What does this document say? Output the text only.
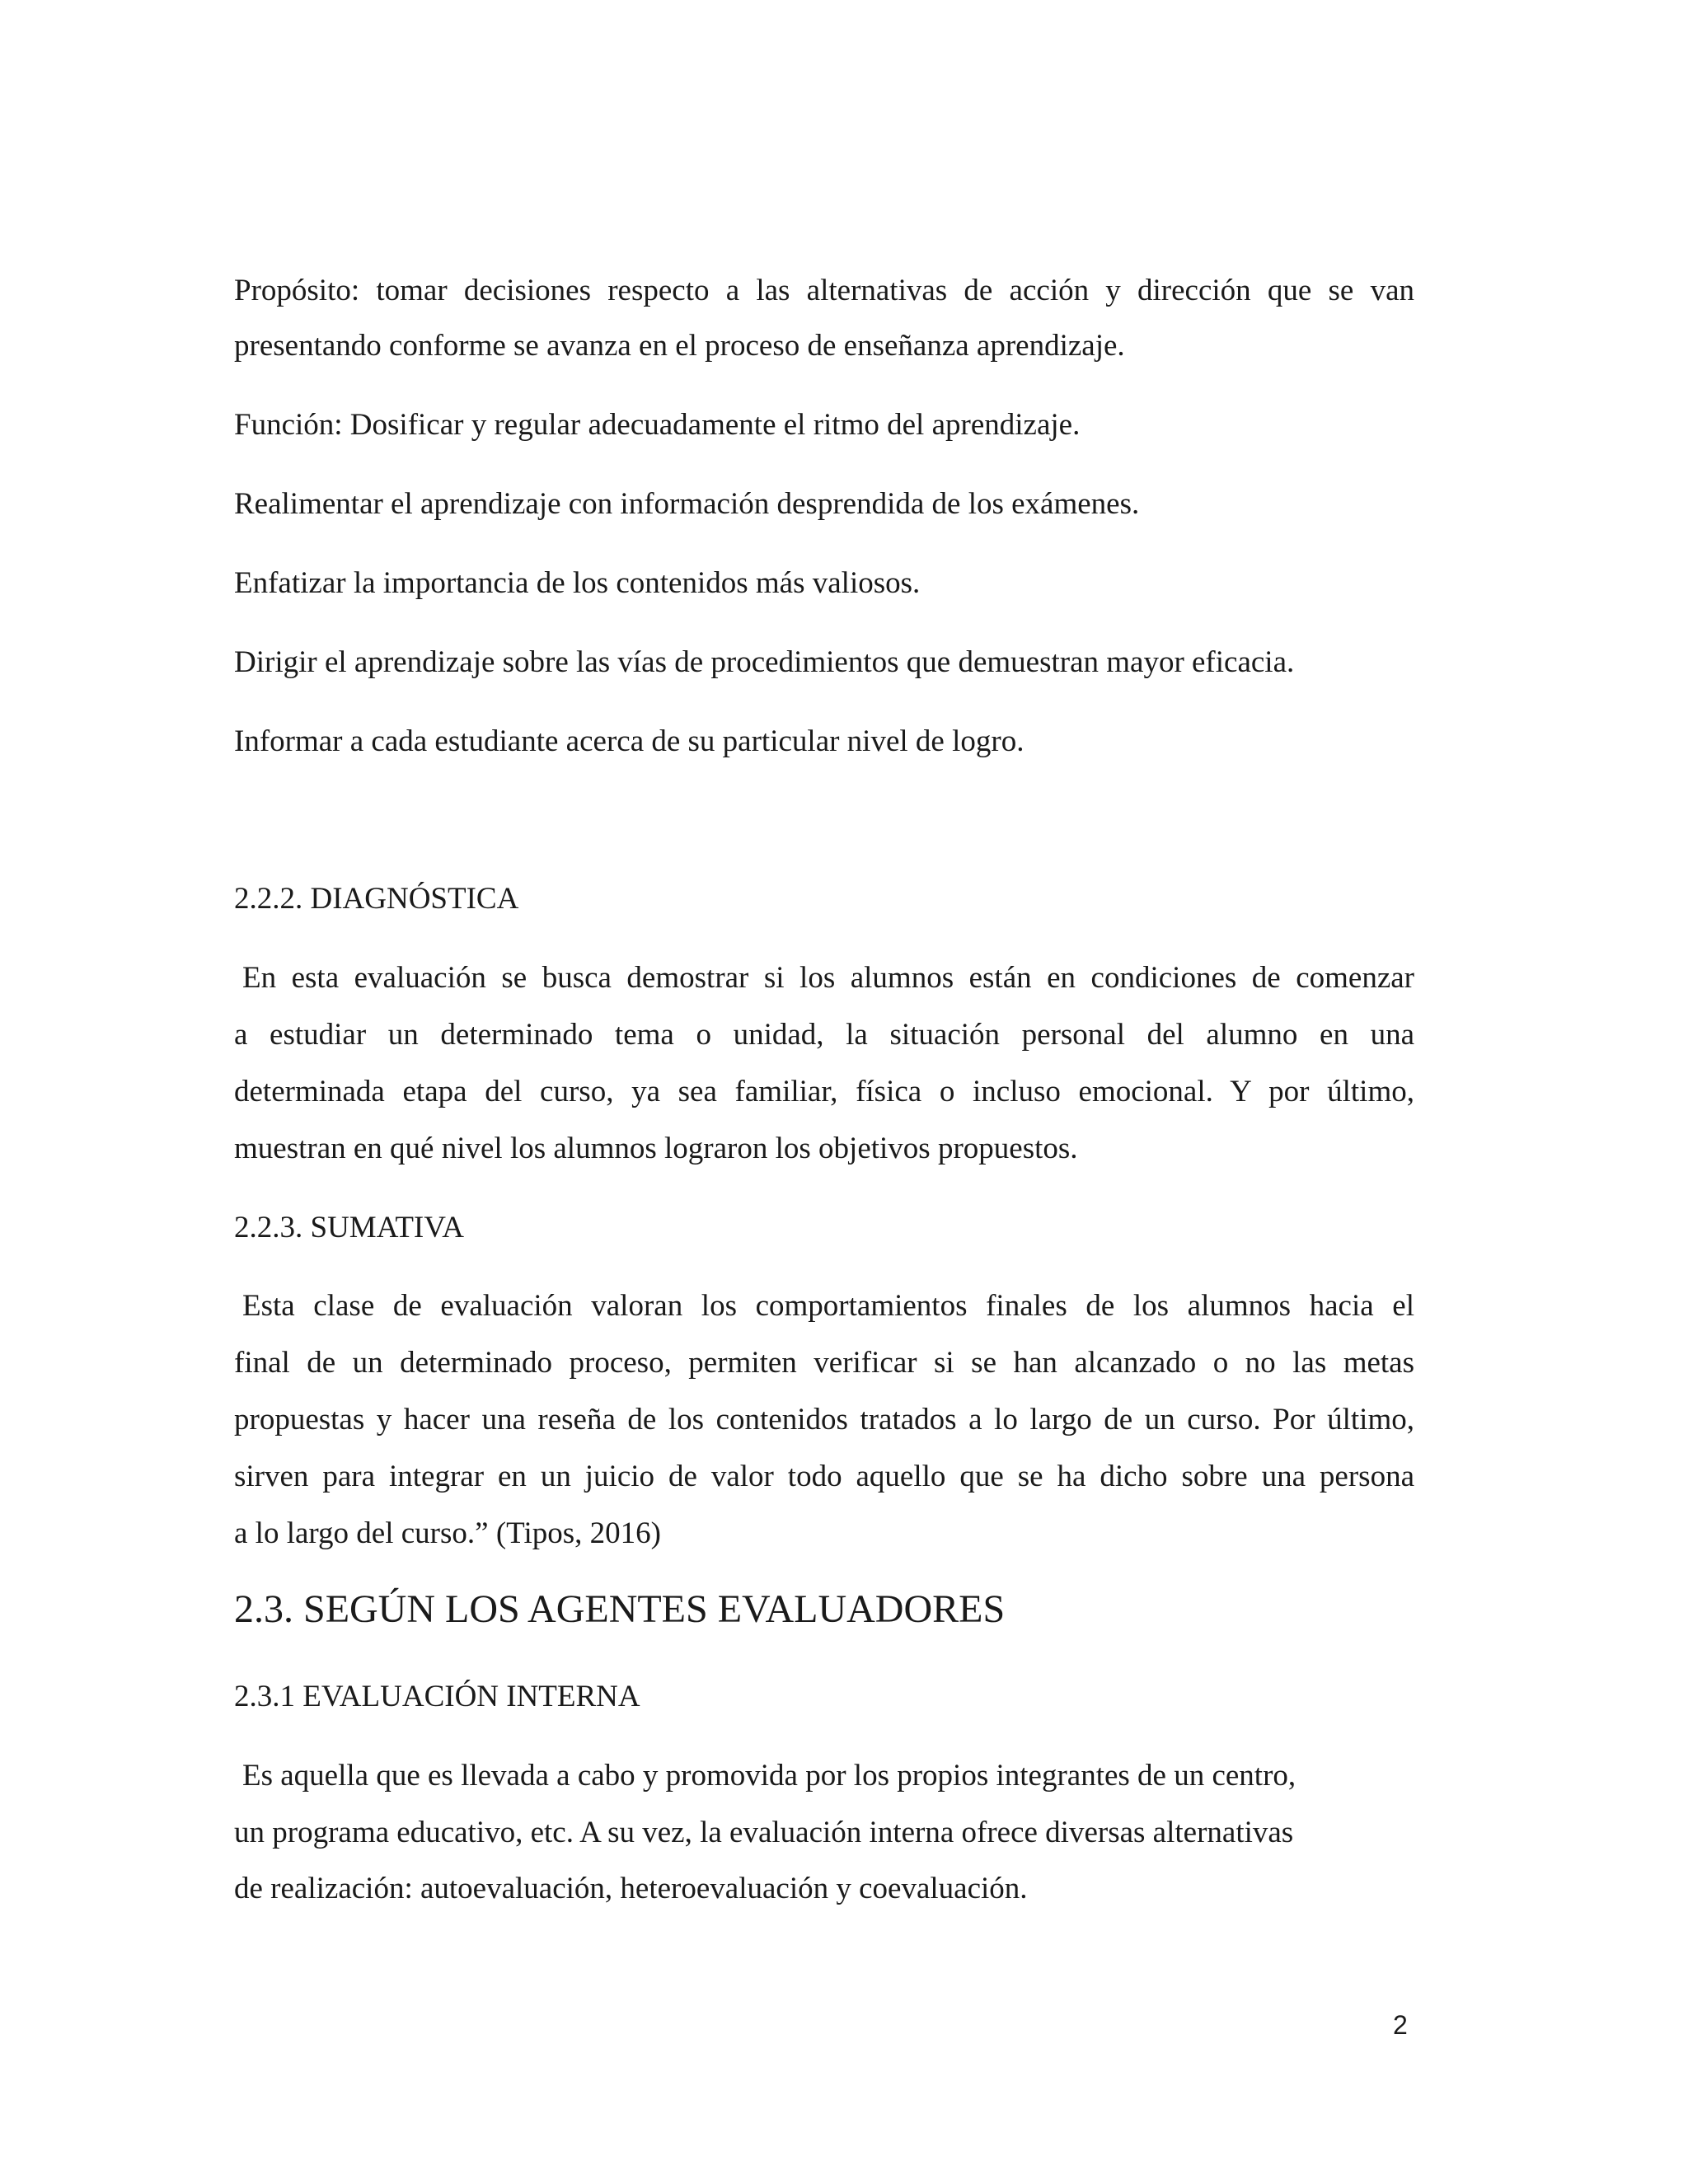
Propósito: tomar decisiones respecto a las alternativas de acción y dirección que se van

presentando conforme se avanza en el proceso de enseñanza aprendizaje.

Función: Dosificar y regular adecuadamente el ritmo del aprendizaje.

Realimentar el aprendizaje con información desprendida de los exámenes.

Enfatizar la importancia de los contenidos más valiosos.

Dirigir el aprendizaje sobre las vías de procedimientos que demuestran mayor eficacia.

Informar a cada estudiante acerca de su particular nivel de logro.

2.2.2. DIAGNÓSTICA

En esta evaluación se busca demostrar si los alumnos están en condiciones de comenzar

a estudiar un determinado tema o unidad, la situación personal del alumno en una

determinada etapa del curso, ya sea familiar, física o incluso emocional. Y por último,

muestran en qué nivel los alumnos lograron los objetivos propuestos.

2.2.3. SUMATIVA

Esta clase de evaluación valoran los comportamientos finales de los alumnos hacia el

final de un determinado proceso, permiten verificar si se han alcanzado o no las metas

propuestas y hacer una reseña de los contenidos tratados a lo largo de un curso. Por último,

sirven para integrar en un juicio de valor todo aquello que se ha dicho sobre una persona

a lo largo del curso.” (Tipos, 2016)

2.3. SEGÚN LOS AGENTES EVALUADORES

2.3.1 EVALUACIÓN INTERNA

Es aquella que es llevada a cabo y promovida por los propios integrantes de un centro,

un programa educativo, etc. A su vez, la evaluación interna ofrece diversas alternativas

de realización: autoevaluación, heteroevaluación y coevaluación.

2
